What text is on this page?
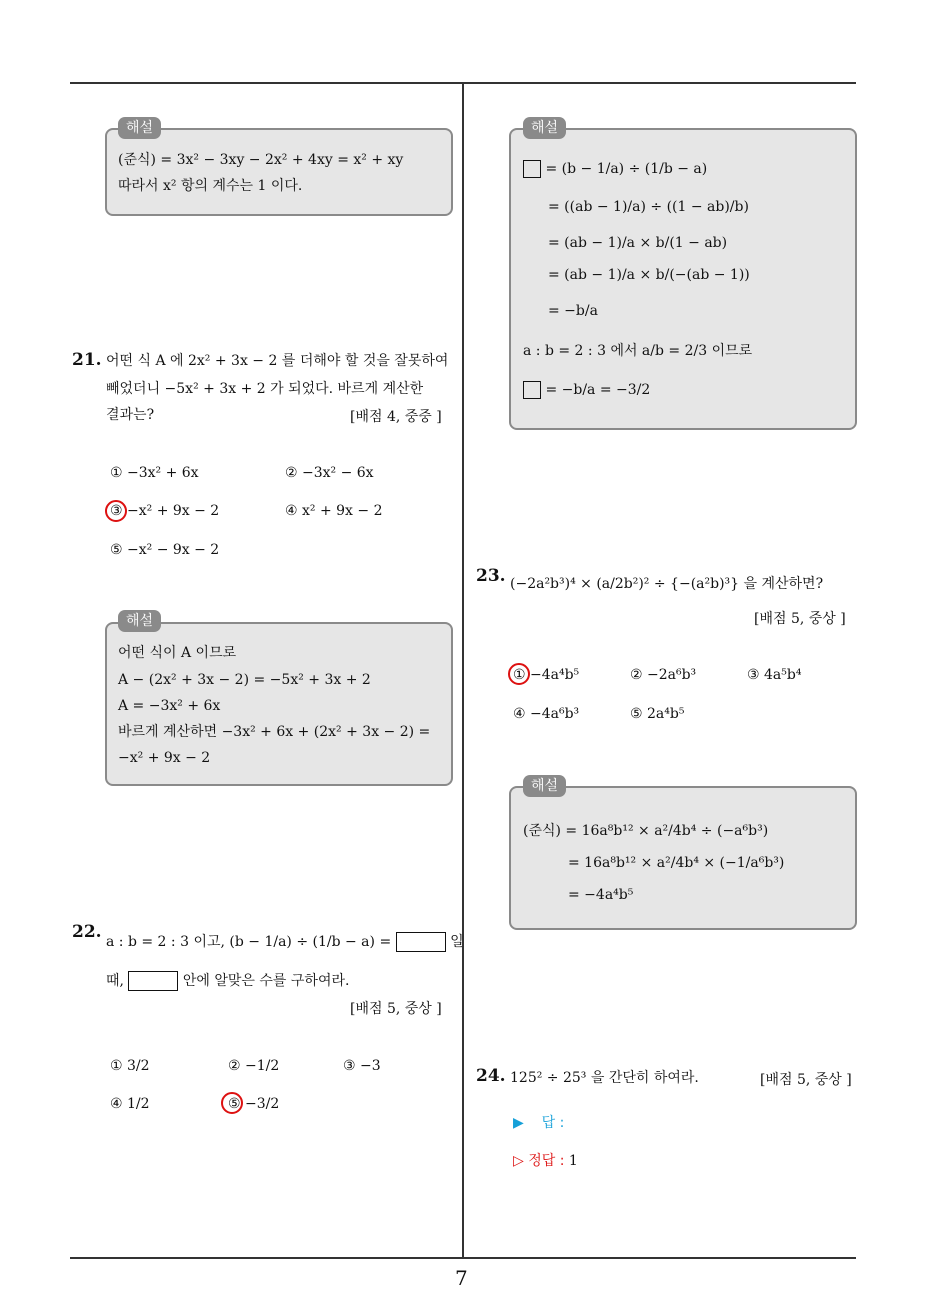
7
해설
(준식) = 3x² − 3xy − 2x² + 4xy = x² + xy
따라서 x² 항의 계수는 1 이다.
21. 어떤 식 A 에 2x² + 3x − 2 를 더해야 할 것을 잘못하여
빼었더니 −5x² + 3x + 2 가 되었다. 바르게 계산한
결과는?	[배점 4, 중중 ]
① −3x² + 6x	② −3x² − 6x
③ −x² + 9x − 2	④ x² + 9x − 2
⑤ −x² − 9x − 2
해설
어떤 식이 A 이므로
A − (2x² + 3x − 2) = −5x² + 3x + 2
A = −3x² + 6x
바르게 계산하면 −3x² + 6x + (2x² + 3x − 2) =
−x² + 9x − 2
22. a : b = 2 : 3 이고, (b − 1/a) ÷ (1/b − a) =	일
때,	안에 알맞은 수를 구하여라.
[배점 5, 중상 ]
① 3/2	② −1/2	③ −3
④ 1/2	⑤ −3/2
해설
= (b − 1/a) ÷ (1/b − a)
= ((ab − 1)/a) ÷ ((1 − ab)/b)
= (ab − 1)/a × b/(1 − ab)
= (ab − 1)/a × b/(−(ab − 1))
= −b/a
a : b = 2 : 3 에서 a/b = 2/3 이므로
= −b/a = −3/2
23. (−2a²b³)⁴ × (a/2b²)² ÷ {−(a²b)³} 을 계산하면?
[배점 5, 중상 ]
① −4a⁴b⁵	② −2a⁶b³	③ 4a⁵b⁴
④ −4a⁶b³	⑤ 2a⁴b⁵
해설
(준식) = 16a⁸b¹² × a²/4b⁴ ÷ (−a⁶b³)
= 16a⁸b¹² × a²/4b⁴ × (−1/a⁶b³)
= −4a⁴b⁵
24. 125² ÷ 25³ 을 간단히 하여라.	[배점 5, 중상 ]
▶ 답 :
▷ 정답 : 1
